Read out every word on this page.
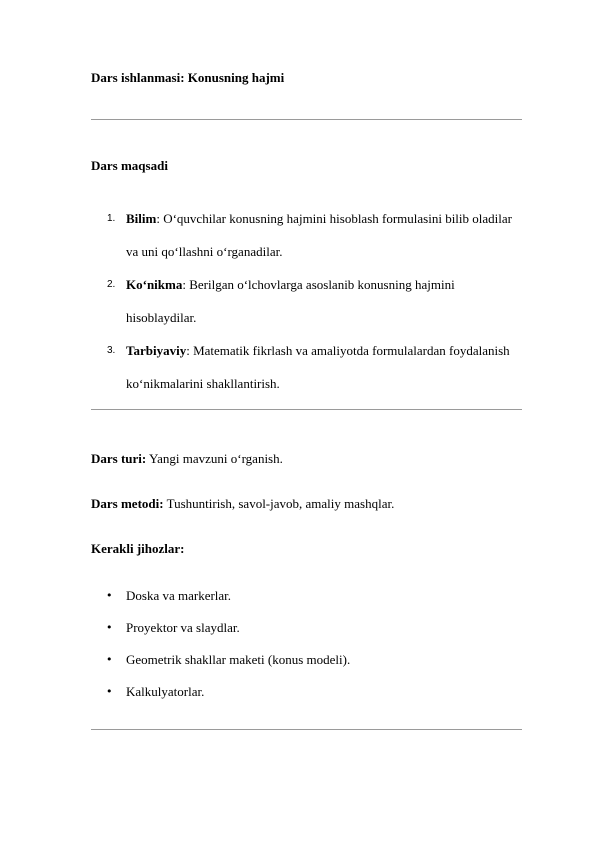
Dars ishlanmasi: Konusning hajmi
Dars maqsadi
1. Bilim: O‘quvchilar konusning hajmini hisoblash formulasini bilib oladilar va uni qo‘llashni o‘rganadilar.
2. Ko‘nikma: Berilgan o‘lchovlarga asoslanib konusning hajmini hisoblaydilar.
3. Tarbiyaviy: Matematik fikrlash va amaliyotda formulalardan foydalanish ko‘nikmalarini shakllantirish.
Dars turi: Yangi mavzuni o‘rganish.
Dars metodi: Tushuntirish, savol-javob, amaliy mashqlar.
Kerakli jihozlar:
• Doska va markerlar.
• Proyektor va slaydlar.
• Geometrik shakllar maketi (konus modeli).
• Kalkulyatorlar.
